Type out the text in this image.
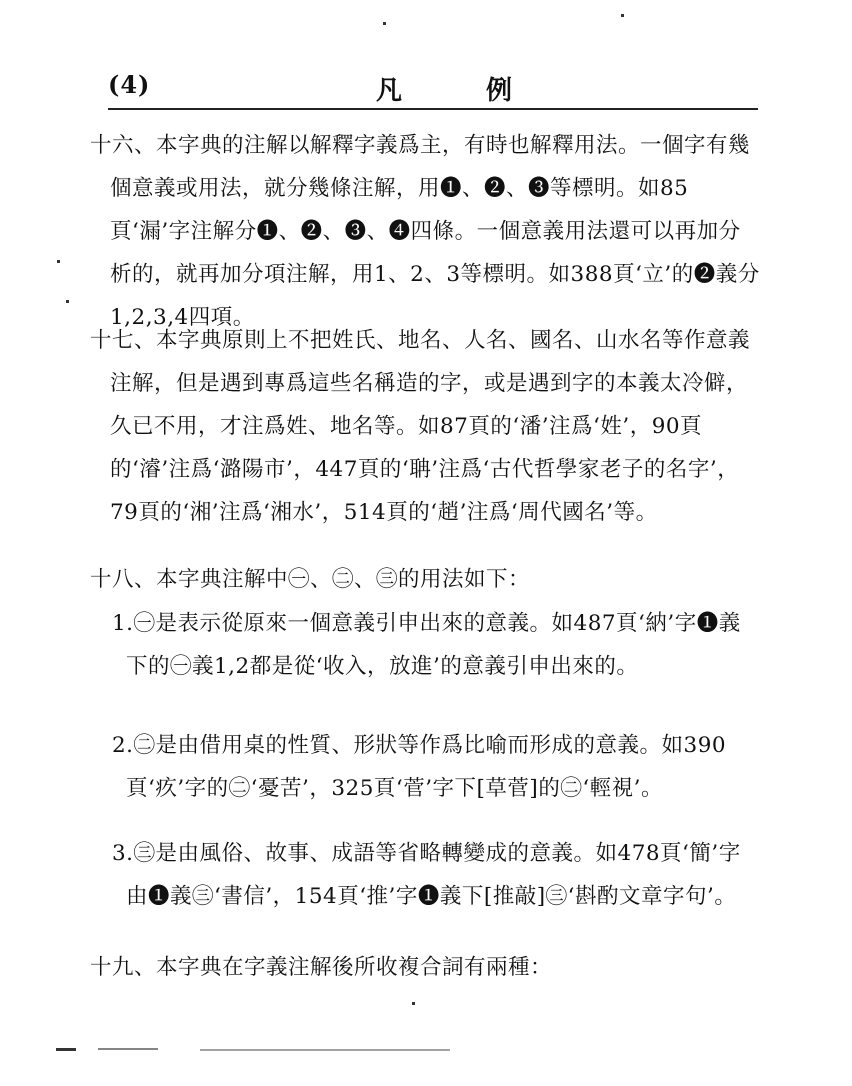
(4)	凡	例
十六、本字典的注解以解釋字義爲主，有時也解釋用法。一個字有幾個意義或用法，就分幾條注解，用❶、❷、❸等標明。如85頁‘漏’字注解分❶、❷、❸、❹四條。一個意義用法還可以再加分析的，就再加分項注解，用1、2、3等標明。如388頁‘立’的❷義分1,2,3,4四項。
十七、本字典原則上不把姓氏、地名、人名、國名、山水名等作意義注解，但是遇到專爲這些名稱造的字，或是遇到字的本義太冷僻，久已不用，才注爲姓、地名等。如87頁的‘潘’注爲‘姓’，90頁的‘濬’注爲‘潞陽市’，447頁的‘聃’注爲‘古代哲學家老子的名字’，79頁的‘湘’注爲‘湘水’，514頁的‘趙’注爲‘周代國名’等。
十八、本字典注解中㊀、㊁、㊂的用法如下：
1.㊀是表示從原來一個意義引申出來的意義。如487頁‘納’字❶義下的㊀義1,2都是從‘收入，放進’的意義引申出來的。
2.㊁是由借用桌的性質、形狀等作爲比喻而形成的意義。如390頁‘疚’字的㊁‘憂苦’，325頁‘菅’字下[草菅]的㊁‘輕視’。
3.㊂是由風俗、故事、成語等省略轉變成的意義。如478頁‘簡’字由❶義㊂‘書信’，154頁‘推’字❶義下[推敲]㊂‘斟酌文章字句’。
十九、本字典在字義注解後所收複合詞有兩種：
